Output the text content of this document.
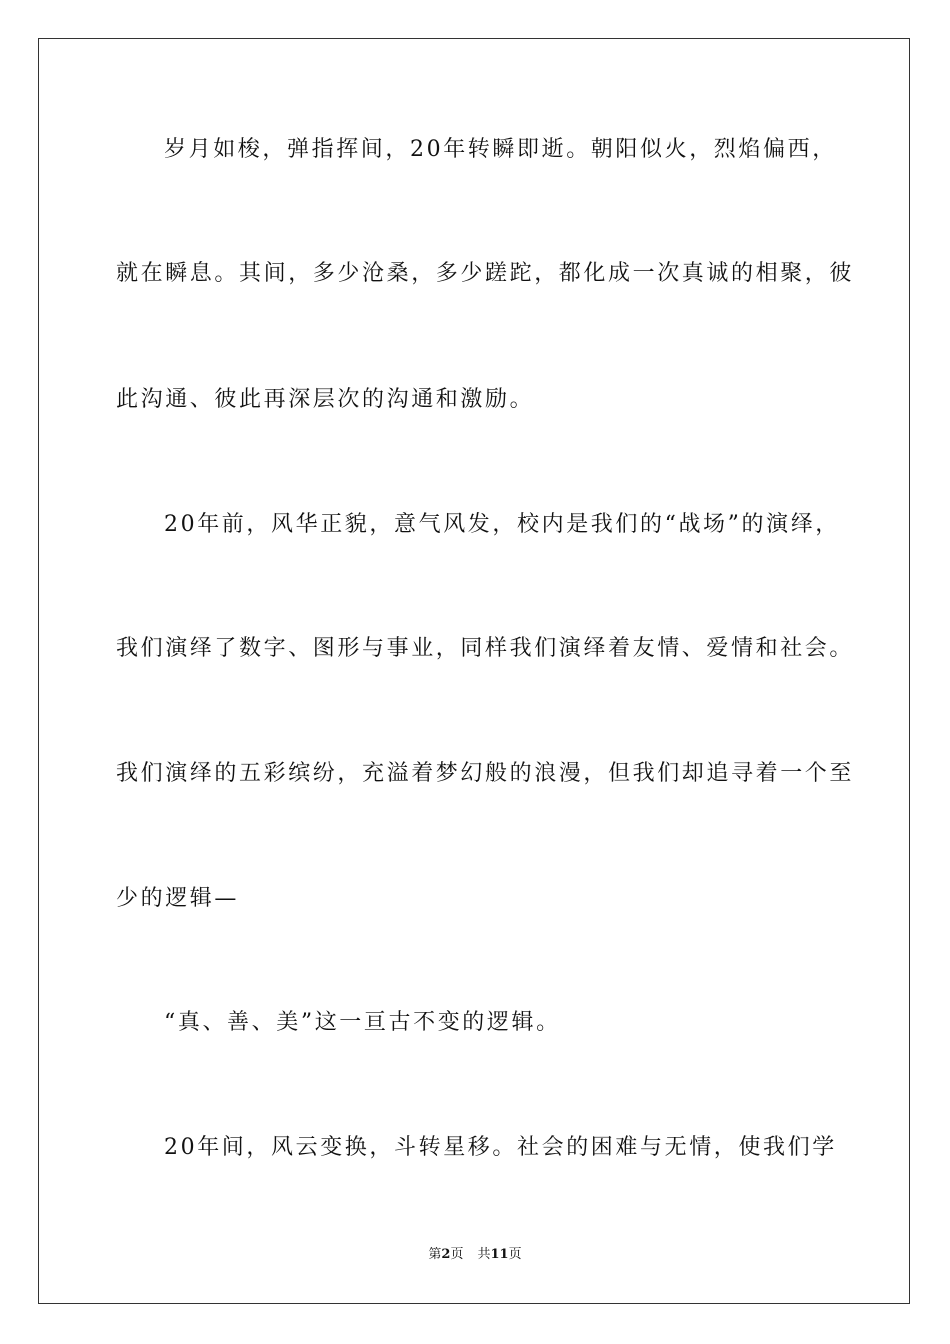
岁月如梭，弹指挥间，20年转瞬即逝。朝阳似火，烈焰偏西，
就在瞬息。其间，多少沧桑，多少蹉跎，都化成一次真诚的相聚，彼
此沟通、彼此再深层次的沟通和激励。
20年前，风华正貌，意气风发，校内是我们的“战场”的演绎，
我们演绎了数字、图形与事业，同样我们演绎着友情、爱情和社会。
我们演绎的五彩缤纷，充溢着梦幻般的浪漫，但我们却追寻着一个至
少的逻辑—
“真、善、美”这一亘古不变的逻辑。
20年间，风云变换，斗转星移。社会的困难与无情，使我们学
第2页 共11页
